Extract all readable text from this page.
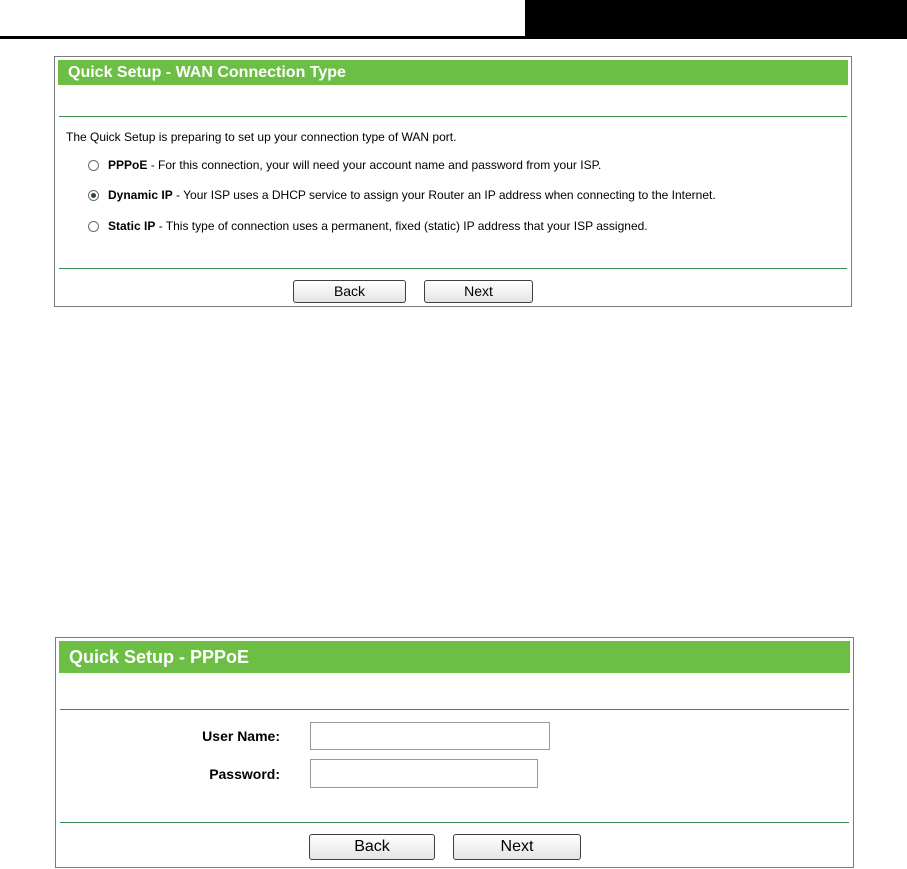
Quick Setup - WAN Connection Type
The Quick Setup is preparing to set up your connection type of WAN port.
PPPoE - For this connection, your will need your account name and password from your ISP.
Dynamic IP - Your ISP uses a DHCP service to assign your Router an IP address when connecting to the Internet.
Static IP - This type of connection uses a permanent, fixed (static) IP address that your ISP assigned.
Back	Next
Quick Setup - PPPoE
User Name:
Password:
Back	Next
